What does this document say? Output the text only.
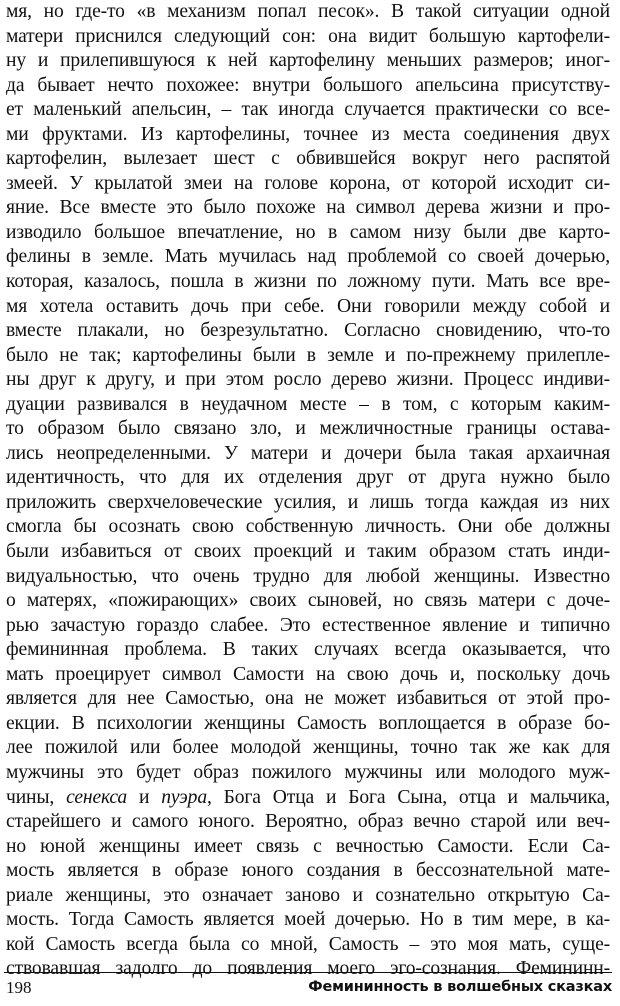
мя, но где-то «в механизм попал песок». В такой ситуации одной
матери приснился следующий сон: она видит большую картофели-
ну и прилепившуюся к ней картофелину меньших размеров; иног-
да бывает нечто похожее: внутри большого апельсина присутству-
ет маленький апельсин, – так иногда случается практически со все-
ми фруктами. Из картофелины, точнее из места соединения двух
картофелин, вылезает шест с обвившейся вокруг него распятой
змеей. У крылатой змеи на голове корона, от которой исходит си-
яние. Все вместе это было похоже на символ дерева жизни и про-
изводило большое впечатление, но в самом низу были две карто-
фелины в земле. Мать мучилась над проблемой со своей дочерью,
которая, казалось, пошла в жизни по ложному пути. Мать все вре-
мя хотела оставить дочь при себе. Они говорили между собой и
вместе плакали, но безрезультатно. Согласно сновидению, что-то
было не так; картофелины были в земле и по-прежнему прилепле-
ны друг к другу, и при этом росло дерево жизни. Процесс индиви-
дуации развивался в неудачном месте – в том, с которым каким-
то образом было связано зло, и межличностные границы остава-
лись неопределенными. У матери и дочери была такая архаичная
идентичность, что для их отделения друг от друга нужно было
приложить сверхчеловеческие усилия, и лишь тогда каждая из них
смогла бы осознать свою собственную личность. Они обе должны
были избавиться от своих проекций и таким образом стать инди-
видуальностью, что очень трудно для любой женщины. Известно
о матерях, «пожирающих» своих сыновей, но связь матери с доче-
рью зачастую гораздо слабее. Это естественное явление и типично
фемининная проблема. В таких случаях всегда оказывается, что
мать проецирует символ Самости на свою дочь и, поскольку дочь
является для нее Самостью, она не может избавиться от этой про-
екции. В психологии женщины Самость воплощается в образе бо-
лее пожилой или более молодой женщины, точно так же как для
мужчины это будет образ пожилого мужчины или молодого муж-
чины, сенекса и пуэра, Бога Отца и Бога Сына, отца и мальчика,
старейшего и самого юного. Вероятно, образ вечно старой или веч-
но юной женщины имеет связь с вечностью Самости. Если Са-
мость является в образе юного создания в бессознательной мате-
риале женщины, это означает заново и сознательно открытую Са-
мость. Тогда Самость является моей дочерью. Но в тим мере, в ка-
кой Самость всегда была со мной, Самость – это моя мать, суще-
ствовавшая задолго до появления моего эго-сознания. Фемининн-
198	Фемининность в волшебных сказках
